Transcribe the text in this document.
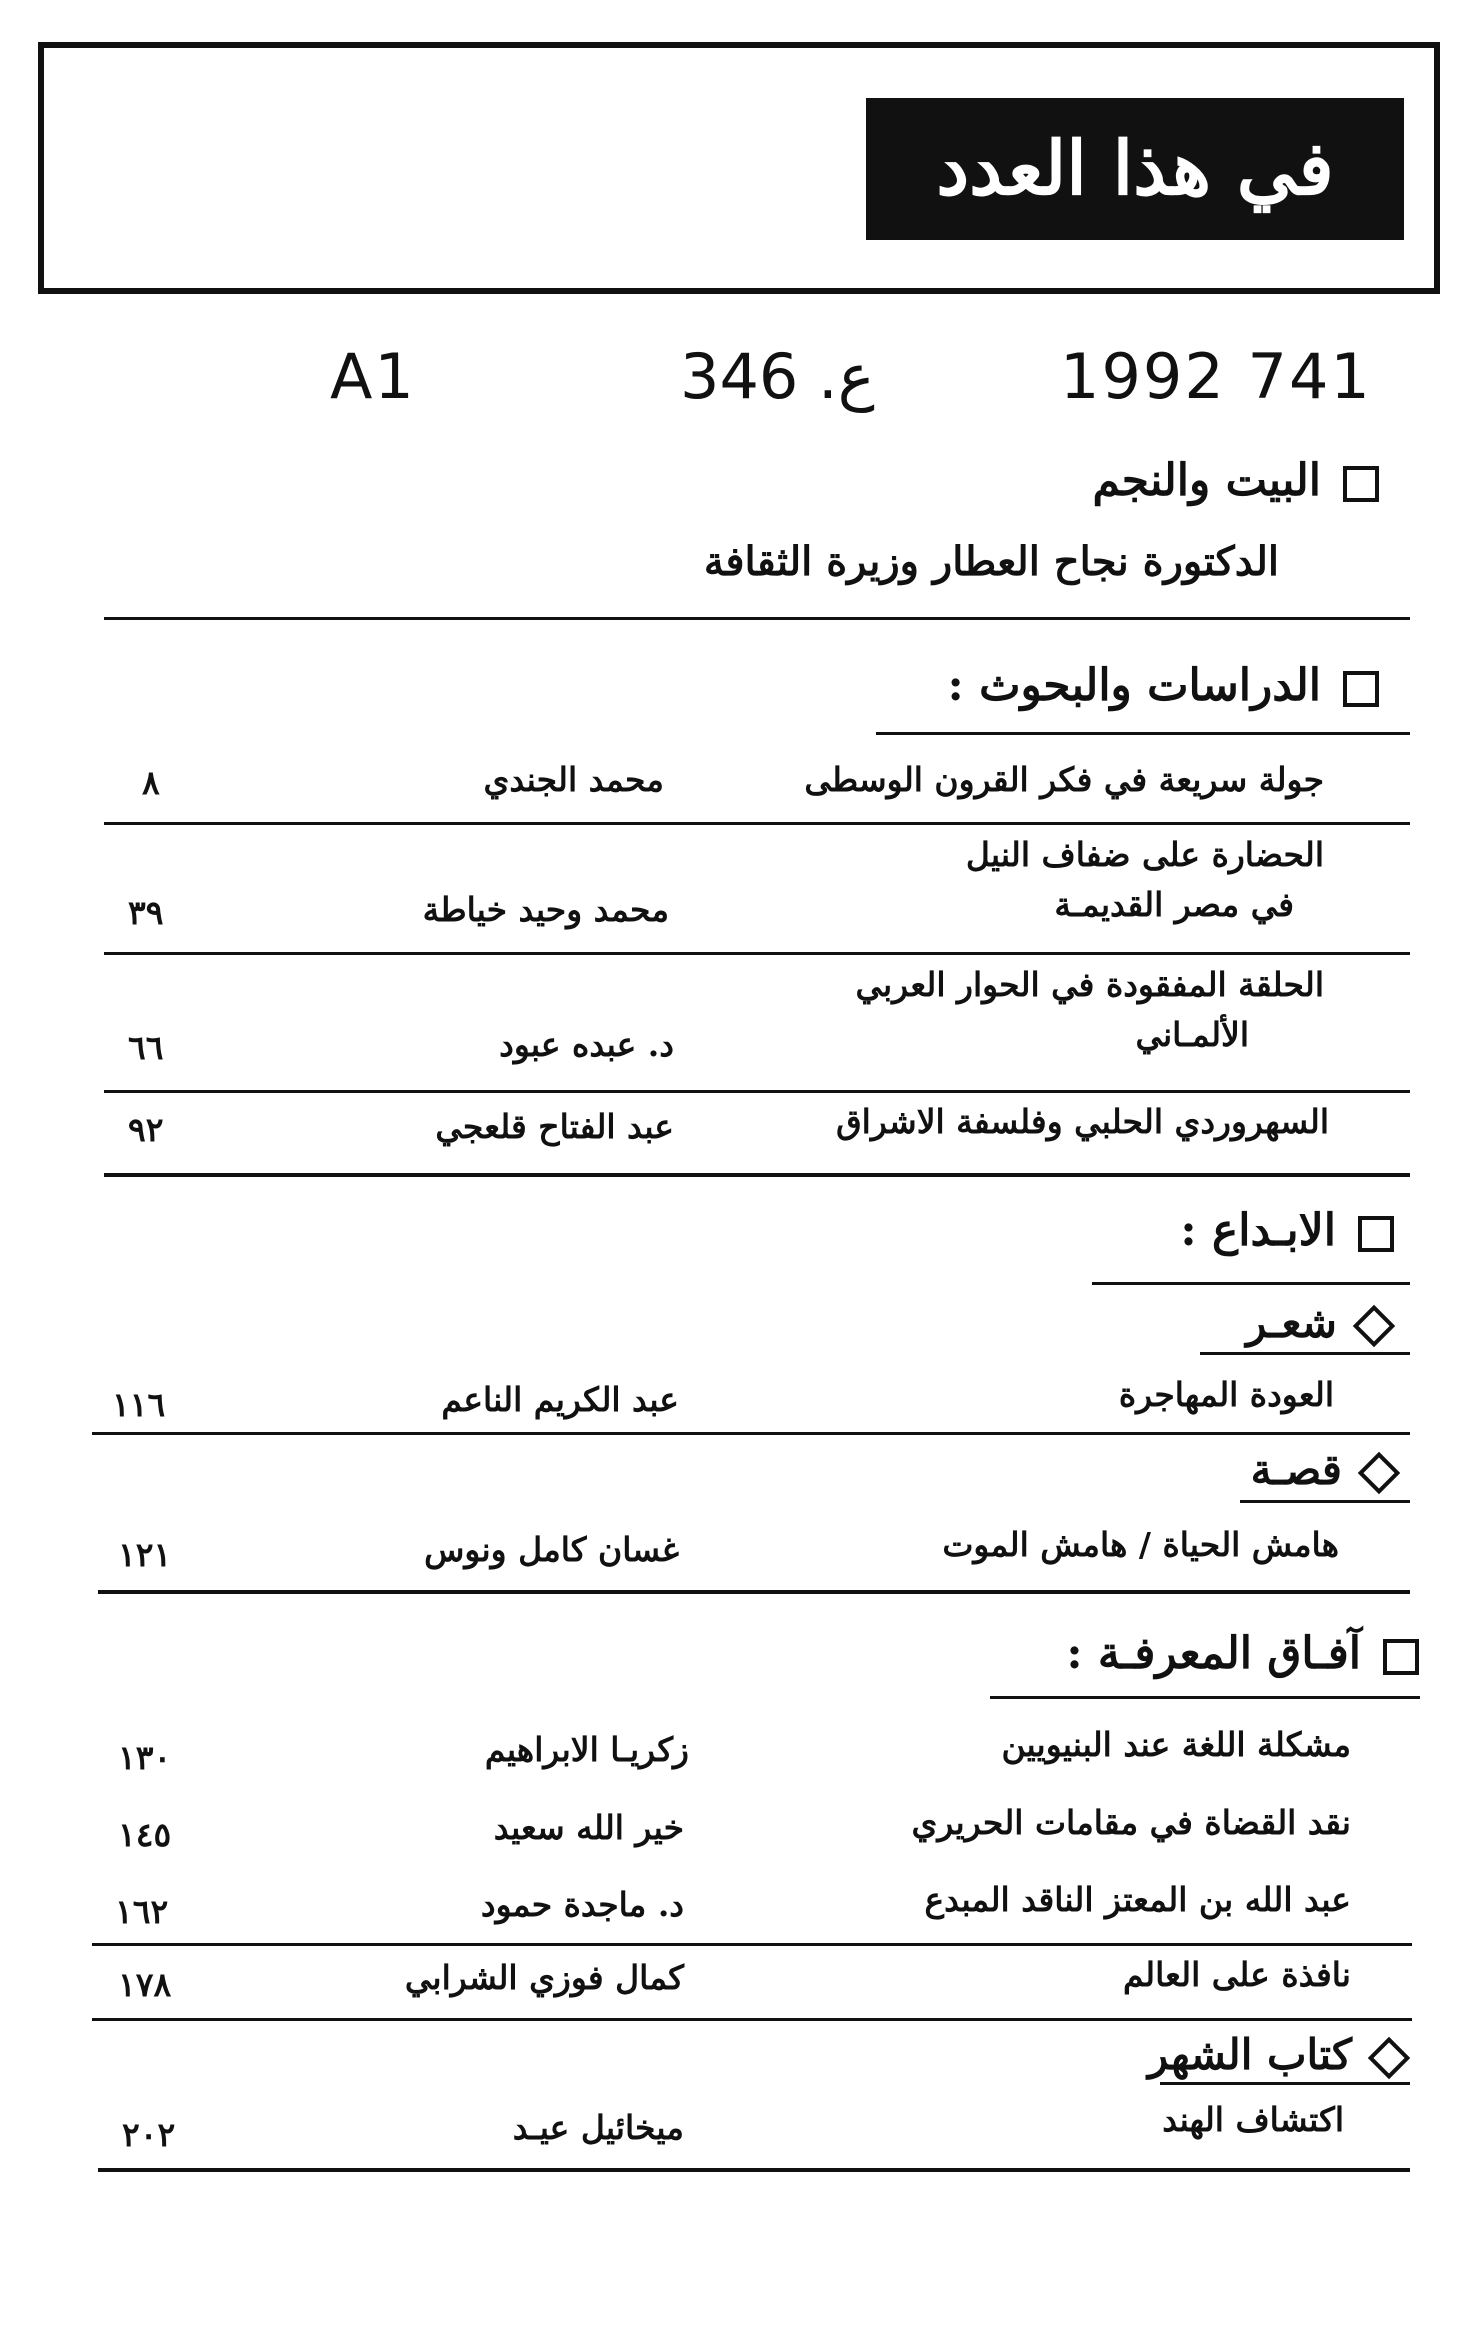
في هذا العدد
A1	346 .ع	1992 741
البيت والنجم
الدكتورة نجاح العطار وزيرة الثقافة
الدراسات والبحوث :
جولة سريعة في فكر القرون الوسطى
محمد الجندي
٨
الحضارة على ضفاف النيل
في مصر القديمـة
محمد وحيد خياطة
٣٩
الحلقة المفقودة في الحوار العربي
الألمـاني
د. عبده عبود
٦٦
السهروردي الحلبي وفلسفة الاشراق
عبد الفتاح قلعجي
٩٢
الابـداع :
شعـر
العودة المهاجرة
عبد الكريم الناعم
١١٦
قصـة
هامش الحياة / هامش الموت
غسان كامل ونوس
١٢١
آفـاق المعرفـة :
مشكلة اللغة عند البنيويين
زكريـا الابراهيم
١٣٠
نقد القضاة في مقامات الحريري
خير الله سعيد
١٤٥
عبد الله بن المعتز الناقد المبدع
د. ماجدة حمود
١٦٢
نافذة على العالم
كمال فوزي الشرابي
١٧٨
كتاب الشهر
اكتشاف الهند
ميخائيل عيـد
٢٠٢
